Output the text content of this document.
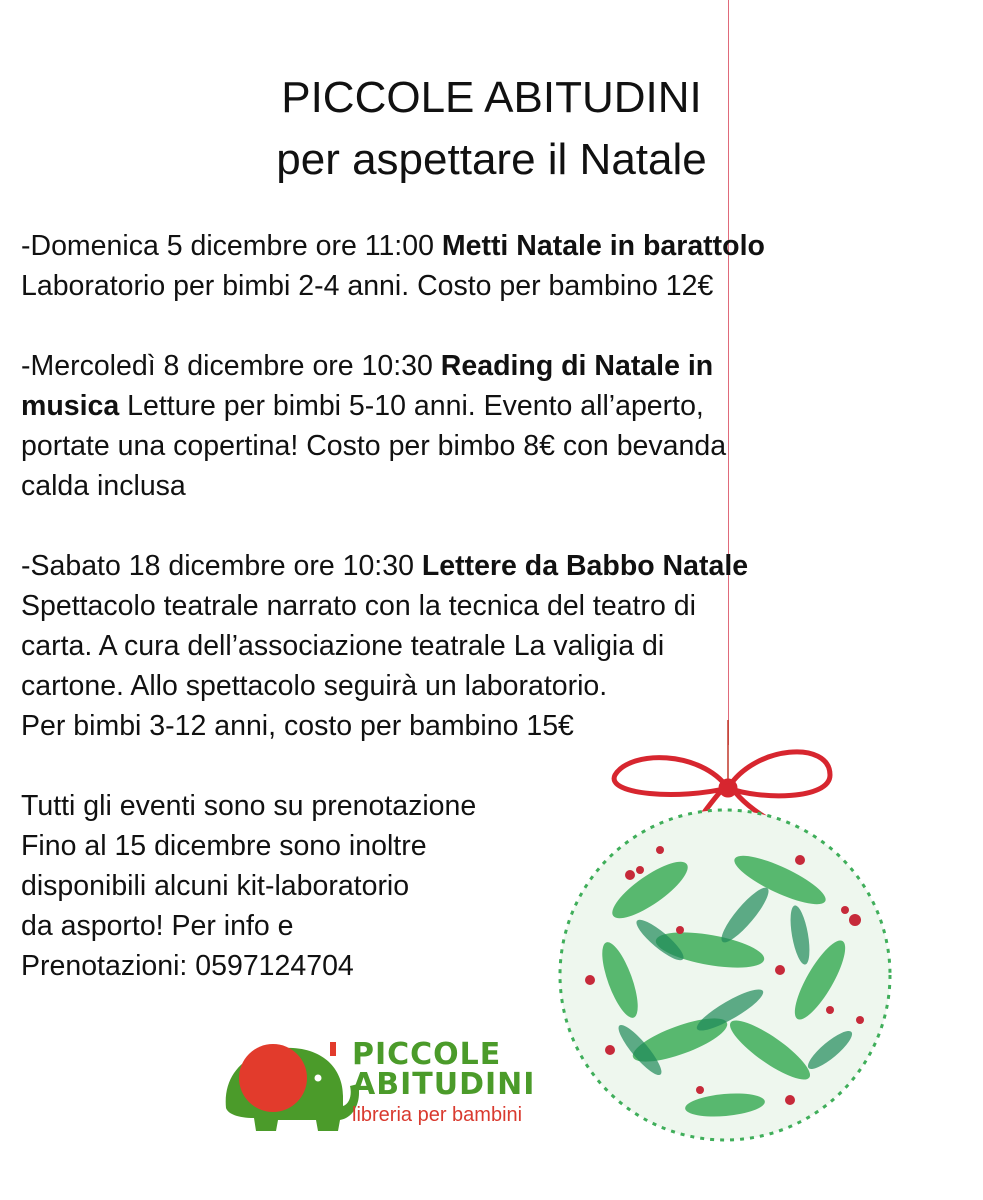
PICCOLE ABITUDINI
per aspettare il Natale
-Domenica 5 dicembre ore 11:00 Metti Natale in barattolo
Laboratorio per bimbi 2-4 anni. Costo per bambino 12€
-Mercoledì 8 dicembre ore 10:30 Reading di Natale in
musica Letture per bimbi 5-10 anni. Evento all’aperto,
portate una copertina! Costo per bimbo 8€ con bevanda
calda inclusa
-Sabato 18 dicembre ore 10:30 Lettere da Babbo Natale
Spettacolo teatrale narrato con la tecnica del teatro di
carta. A cura dell’associazione teatrale La valigia di
cartone. Allo spettacolo seguirà un laboratorio.
Per bimbi 3-12 anni, costo per bambino 15€
Tutti gli eventi sono su prenotazione
Fino al 15 dicembre sono inoltre
disponibili alcuni kit-laboratorio
da asporto! Per info e
Prenotazioni: 0597124704
PICCOLE
ABITUDINI
libreria per bambini
